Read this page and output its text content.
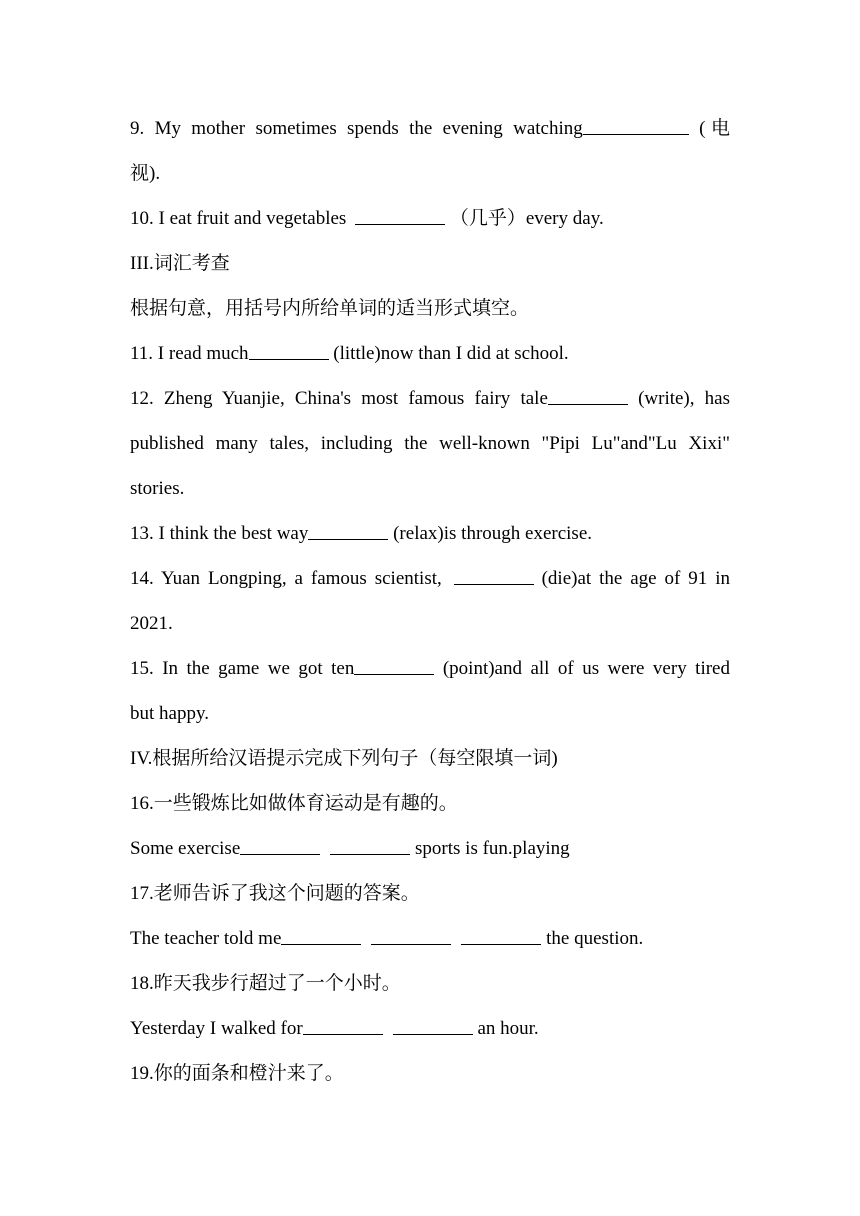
9. My mother sometimes spends the evening watching	(电
视).
10. I eat fruit and vegetables	（几乎）every day.
III.词汇考查
根据句意，用括号内所给单词的适当形式填空。
11. I read much	(little)now than I did at school.
12. Zheng Yuanjie, China's most famous fairy tale	(write), has
published many tales, including the well-known "Pipi Lu"and"Lu Xixi"
stories.
13. I think the best way	(relax)is through exercise.
14. Yuan Longping, a famous scientist,	(die)at the age of 91 in
2021.
15. In the game we got ten	(point)and all of us were very tired
but happy.
IV.根据所给汉语提示完成下列句子（每空限填一词)
16.一些锻炼比如做体育运动是有趣的。
Some exercise	sports is fun.playing
17.老师告诉了我这个问题的答案。
The teacher told me	the question.
18.昨天我步行超过了一个小时。
Yesterday I walked for	an hour.
19.你的面条和橙汁来了。
